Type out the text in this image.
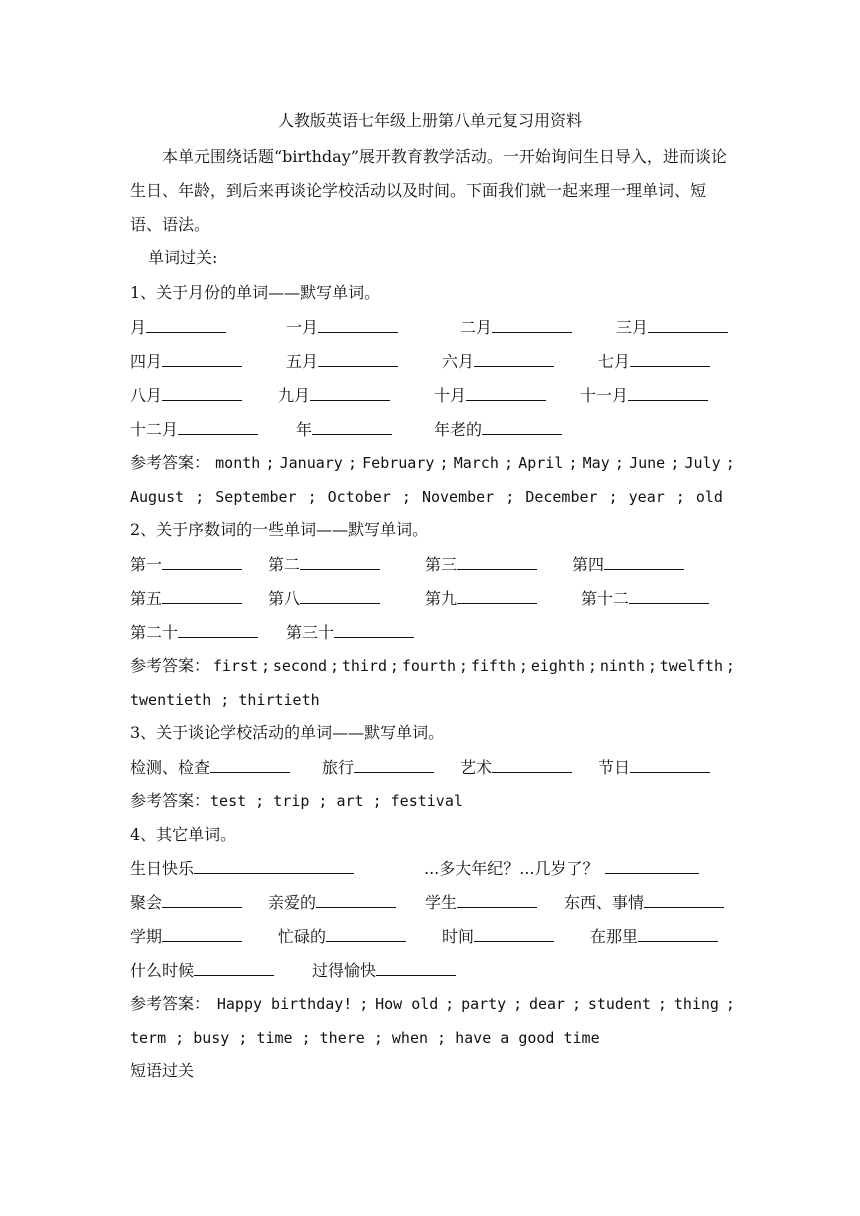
人教版英语七年级上册第八单元复习用资料
本单元围绕话题“birthday”展开教育教学活动。一开始询问生日导入，进而谈论生日、年龄，到后来再谈论学校活动以及时间。下面我们就一起来理一理单词、短语、语法。
单词过关:
1、关于月份的单词——默写单词。
月	一月	二月	三月
四月	五月	六月	七月
八月	九月	十月	十一月
十二月	年	年老的
参考答案： month ; January ; February ; March ; April ; May ; June ; July ;
August ; September ; October ; November ; December ; year ; old
2、关于序数词的一些单词——默写单词。
第一	第二	第三	第四
第五	第八	第九	第十二
第二十	第三十
参考答案： first ; second ; third ; fourth ; fifth ; eighth ; ninth ; twelfth ;
twentieth ; thirtieth
3、关于谈论学校活动的单词——默写单词。
检测、检查	旅行	艺术	节日
参考答案：test ; trip ; art ; festival
4、其它单词。
生日快乐	...多大年纪？...几岁了？
聚会	亲爱的	学生	东西、事情
学期	忙碌的	时间	在那里
什么时候	过得愉快
参考答案： Happy birthday! ; How old ; party ; dear ; student ; thing ;
term ; busy ; time ; there ; when ; have a good time
短语过关
